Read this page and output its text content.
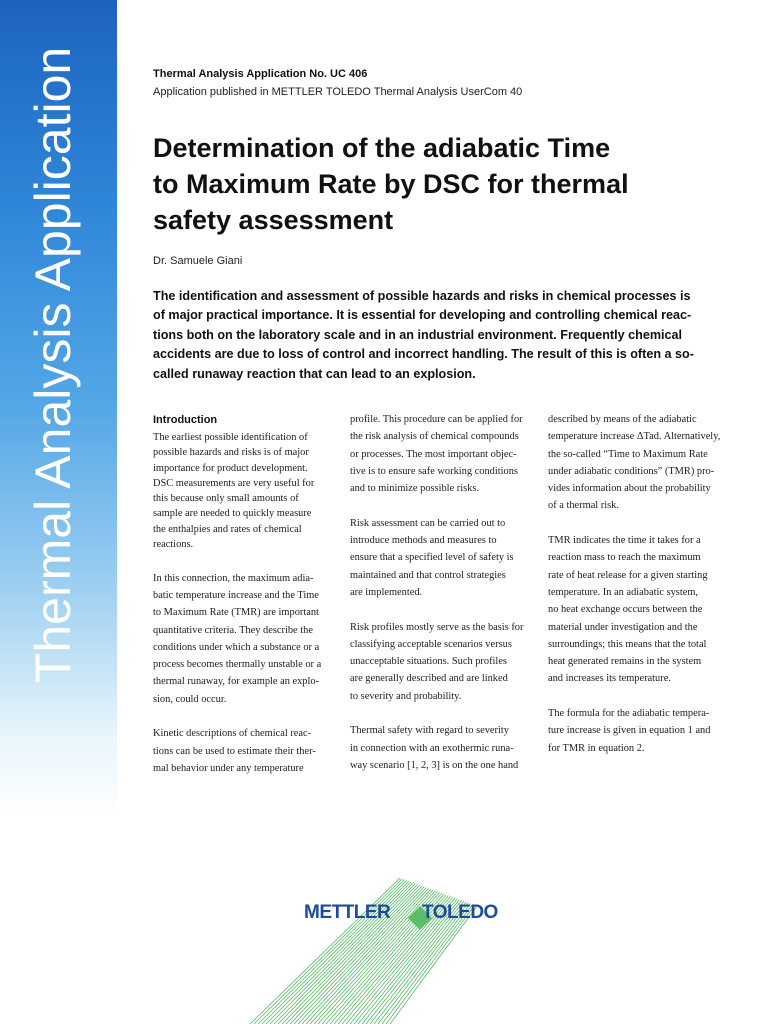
Thermal Analysis Application	Thermal Analysis Application No. UC 406
Application published in METTLER TOLEDO Thermal Analysis UserCom 40
Determination of the adiabatic Time
to Maximum Rate by DSC for thermal
safety assessment
Dr. Samuele Giani
The identification and assessment of possible hazards and risks in chemical processes is
of major practical importance. It is essential for developing and controlling chemical reac-
tions both on the laboratory scale and in an industrial environment. Frequently chemical
accidents are due to loss of control and incorrect handling. The result of this is often a so-
called runaway reaction that can lead to an explosion.
Introduction
The earliest possible identification of
possible hazards and risks is of major
importance for product development.
DSC measurements are very useful for
this because only small amounts of
sample are needed to quickly measure
the enthalpies and rates of chemical
reactions.
In this connection, the maximum adia-
batic temperature increase and the Time
to Maximum Rate (TMR) are important
quantitative criteria. They describe the
conditions under which a substance or a
process becomes thermally unstable or a
thermal runaway, for example an explo-
sion, could occur.
Kinetic descriptions of chemical reac-
tions can be used to estimate their ther-
mal behavior under any temperature
profile. This procedure can be applied for
the risk analysis of chemical compounds
or processes. The most important objec-
tive is to ensure safe working conditions
and to minimize possible risks.
Risk assessment can be carried out to
introduce methods and measures to
ensure that a specified level of safety is
maintained and that control strategies
are implemented.
Risk profiles mostly serve as the basis for
classifying acceptable scenarios versus
unacceptable situations. Such profiles
are generally described and are linked
to severity and probability.
Thermal safety with regard to severity
in connection with an exothermic runa-
way scenario [1, 2, 3] is on the one hand
described by means of the adiabatic
temperature increase ΔTad. Alternatively,
the so-called “Time to Maximum Rate
under adiabatic conditions” (TMR) pro-
vides information about the probability
of a thermal risk.
TMR indicates the time it takes for a
reaction mass to reach the maximum
rate of heat release for a given starting
temperature. In an adiabatic system,
no heat exchange occurs between the
material under investigation and the
surroundings; this means that the total
heat generated remains in the system
and increases its temperature.
The formula for the adiabatic tempera-
ture increase is given in equation 1 and
for TMR in equation 2.
METTLER TOLEDO
